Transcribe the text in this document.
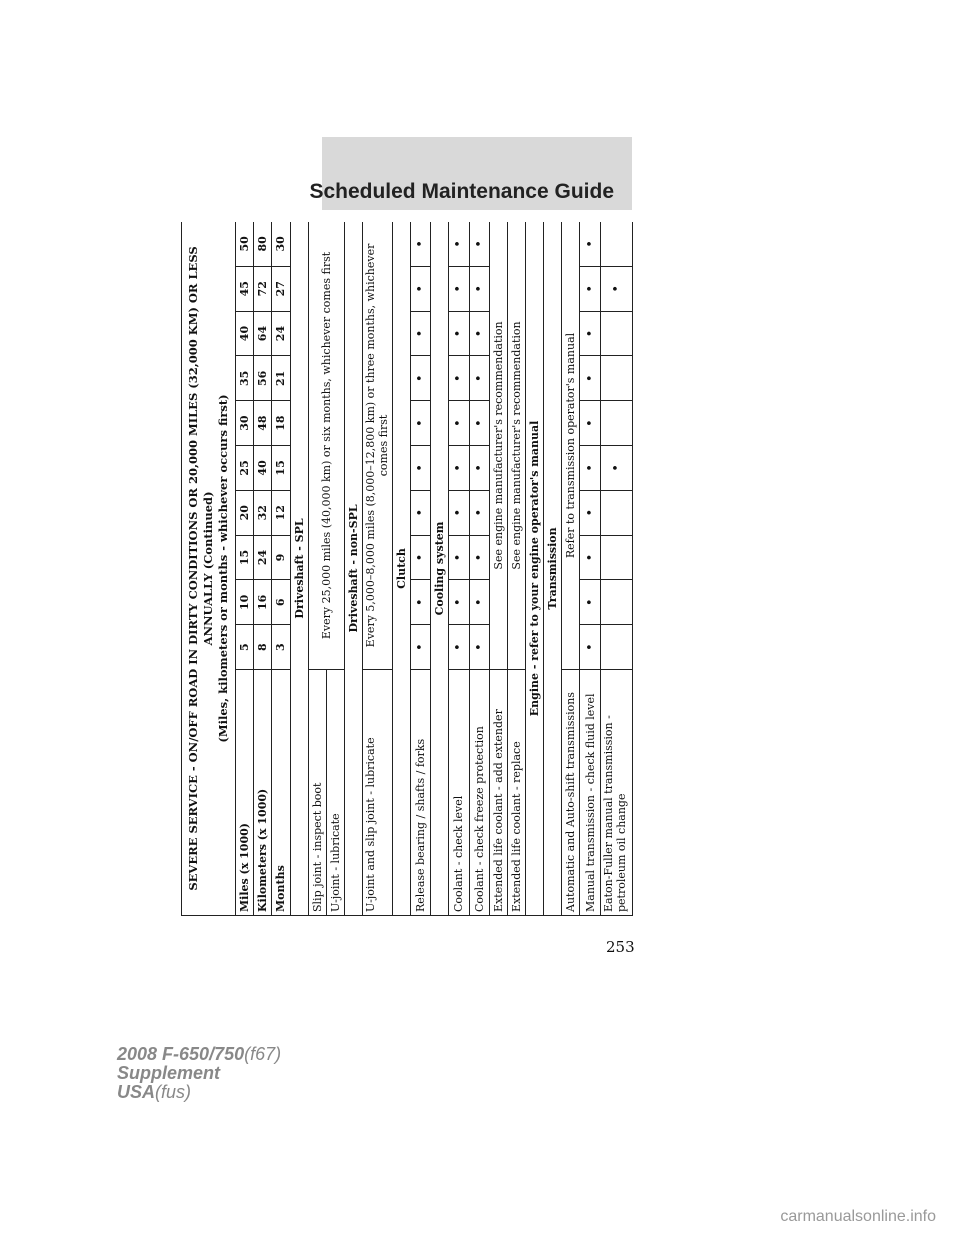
Scheduled Maintenance Guide
SEVERE SERVICE - ON/OFF ROAD IN DIRTY CONDITIONS OR 20,000 MILES (32,000 KM) OR LESS ANNUALLY (Continued) (Miles, kilometers or months - whichever occurs first)										

Miles (x 1000)	5	10	15	20	25	30	35	40	45	50
Kilometers (x 1000)	8	16	24	32	40	48	56	64	72	80
Months	3	6	9	12	15	18	21	24	27	30
Driveshaft - SPL										
Slip joint - inspect boot	Every 25,000 miles (40,000 km) or six months, whichever comes first									
U-joint - lubricate										
Driveshaft - non-SPL										
U-joint and slip joint - lubricate	Every 5,000–8,000 miles (8,000–12,800 km) or three months, whichever comes first									
Clutch										
Release bearing / shafts / forks	•	•	•	•	•	•	•	•	•	•
Cooling system										
Coolant - check level	•	•	•	•	•	•	•	•	•	•
Coolant - check freeze protection	•	•	•	•	•	•	•	•	•	•
Extended life coolant - add extender	See engine manufacturer's recommendation									
Extended life coolant - replace	See engine manufacturer's recommendation									
Engine - refer to your engine operator's manual										
Transmission										
Automatic and Auto-shift transmissions	Refer to transmission operator's manual									
Manual transmission - check fluid level	•	•	•	•	•	•	•	•	•	•
Eaton-Fuller manual transmission - petroleum oil change					•				•	
253
2008 F-650/750(f67)
Supplement
USA(fus)
carmanualsonline.info
